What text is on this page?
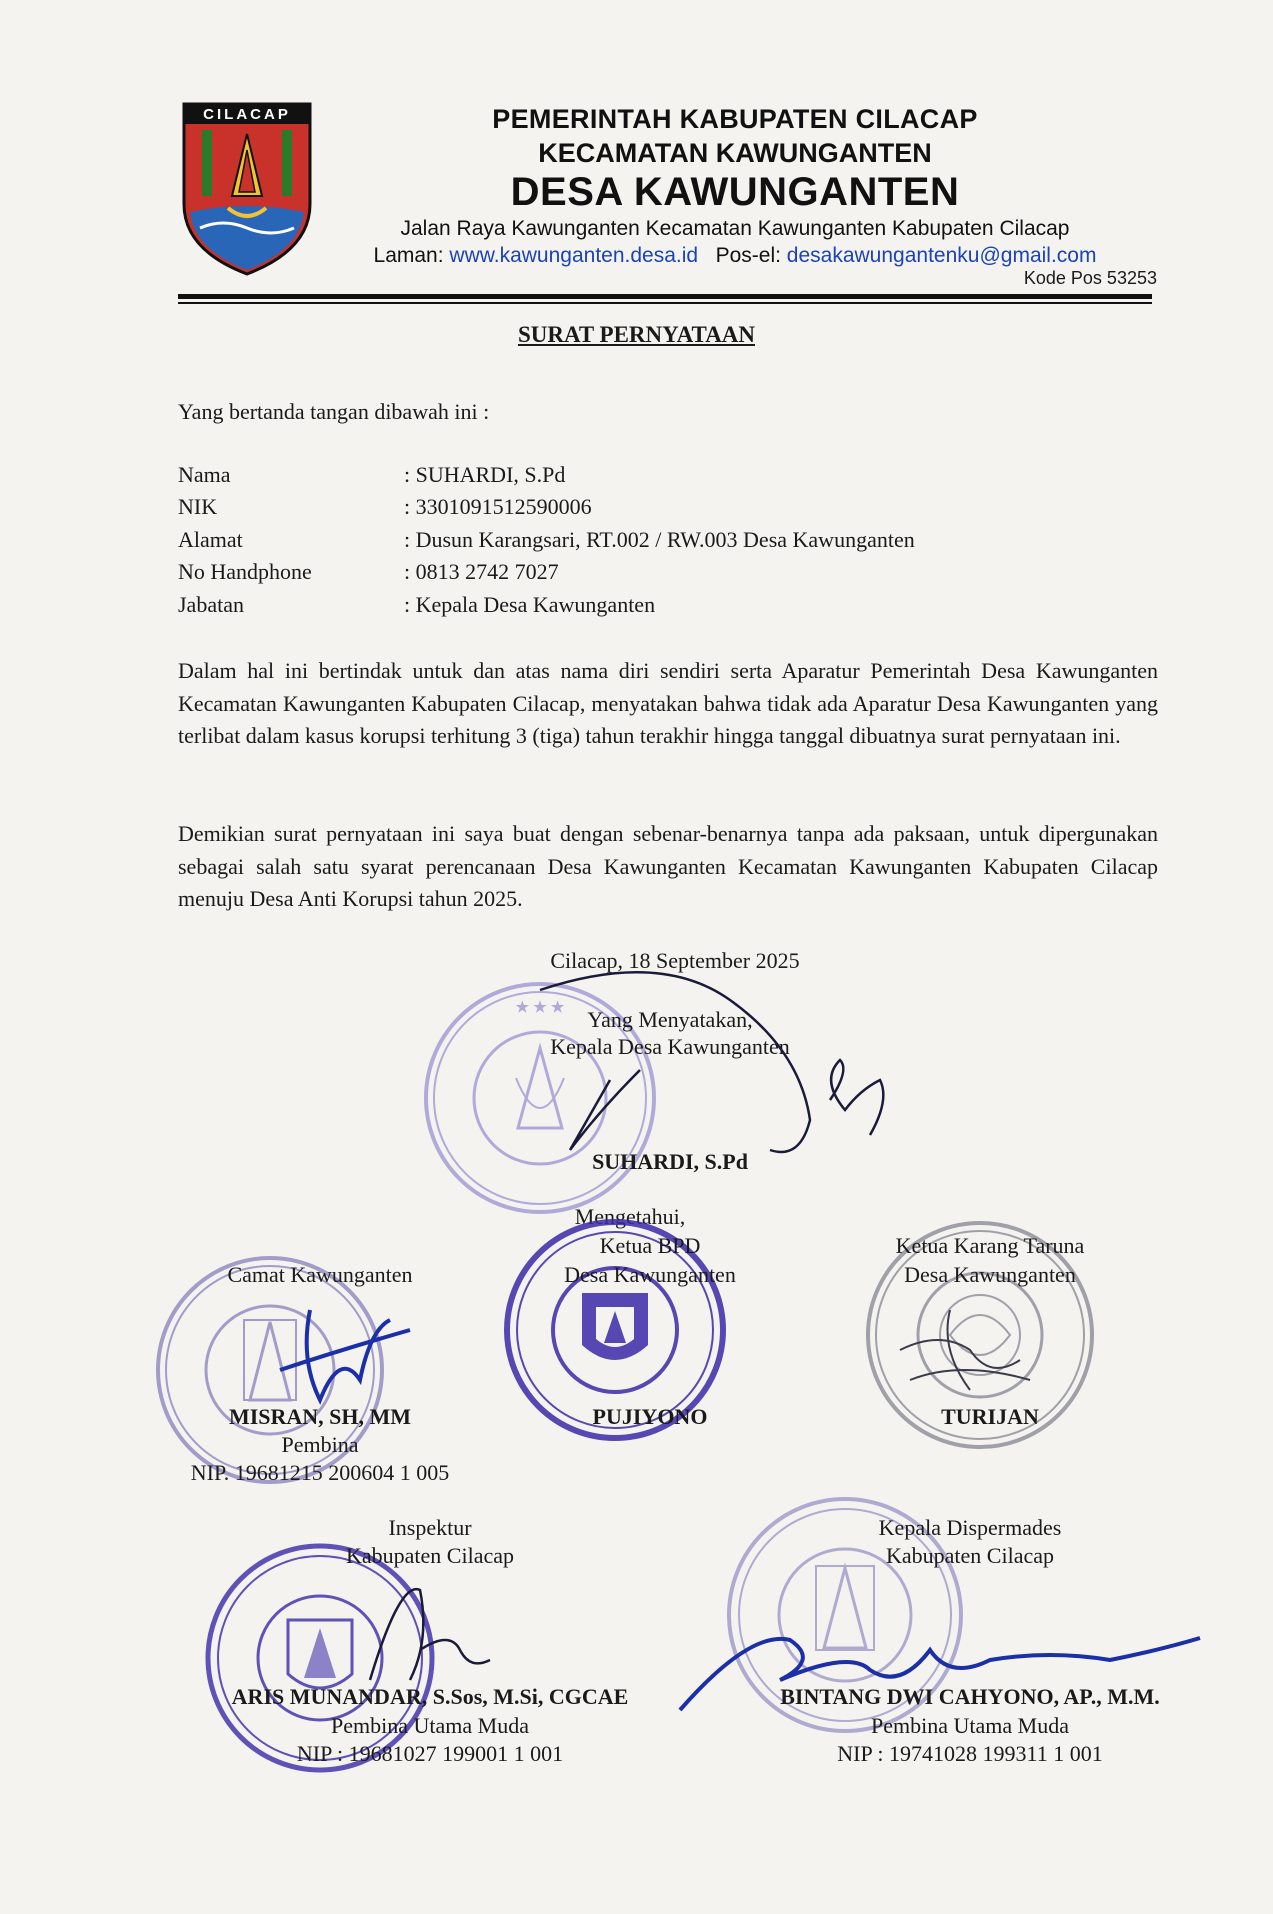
CILACAP	PEMERINTAH KABUPATEN CILACAP
KECAMATAN KAWUNGANTEN
DESA KAWUNGANTEN
Jalan Raya Kawunganten Kecamatan Kawunganten Kabupaten Cilacap
Laman: www.kawunganten.desa.id Pos-el: desakawungantenku@gmail.com
Kode Pos 53253
SURAT PERNYATAAN
Yang bertanda tangan dibawah ini :
Nama	: SUHARDI, S.Pd
NIK	: 3301091512590006
Alamat	: Dusun Karangsari, RT.002 / RW.003 Desa Kawunganten
No Handphone	: 0813 2742 7027
Jabatan	: Kepala Desa Kawunganten
Dalam hal ini bertindak untuk dan atas nama diri sendiri serta Aparatur Pemerintah Desa Kawunganten Kecamatan Kawunganten Kabupaten Cilacap, menyatakan bahwa tidak ada Aparatur Desa Kawunganten yang terlibat dalam kasus korupsi terhitung 3 (tiga) tahun terakhir hingga tanggal dibuatnya surat pernyataan ini.
Demikian surat pernyataan ini saya buat dengan sebenar-benarnya tanpa ada paksaan, untuk dipergunakan sebagai salah satu syarat perencanaan Desa Kawunganten Kecamatan Kawunganten Kabupaten Cilacap menuju Desa Anti Korupsi tahun 2025.
★ ★ ★
Cilacap, 18 September 2025
Yang Menyatakan,
Kepala Desa Kawunganten
SUHARDI, S.Pd
Mengetahui,
Camat Kawunganten
Ketua BPD
Desa Kawunganten
Ketua Karang Taruna
Desa Kawunganten
MISRAN, SH, MM
Pembina
NIP. 19681215 200604 1 005
PUJIYONO	TURIJAN
Inspektur
Kabupaten Cilacap
Kepala Dispermades
Kabupaten Cilacap
ARIS MUNANDAR, S.Sos, M.Si, CGCAE
Pembina Utama Muda
NIP : 19681027 199001 1 001
BINTANG DWI CAHYONO, AP., M.M.
Pembina Utama Muda
NIP : 19741028 199311 1 001
